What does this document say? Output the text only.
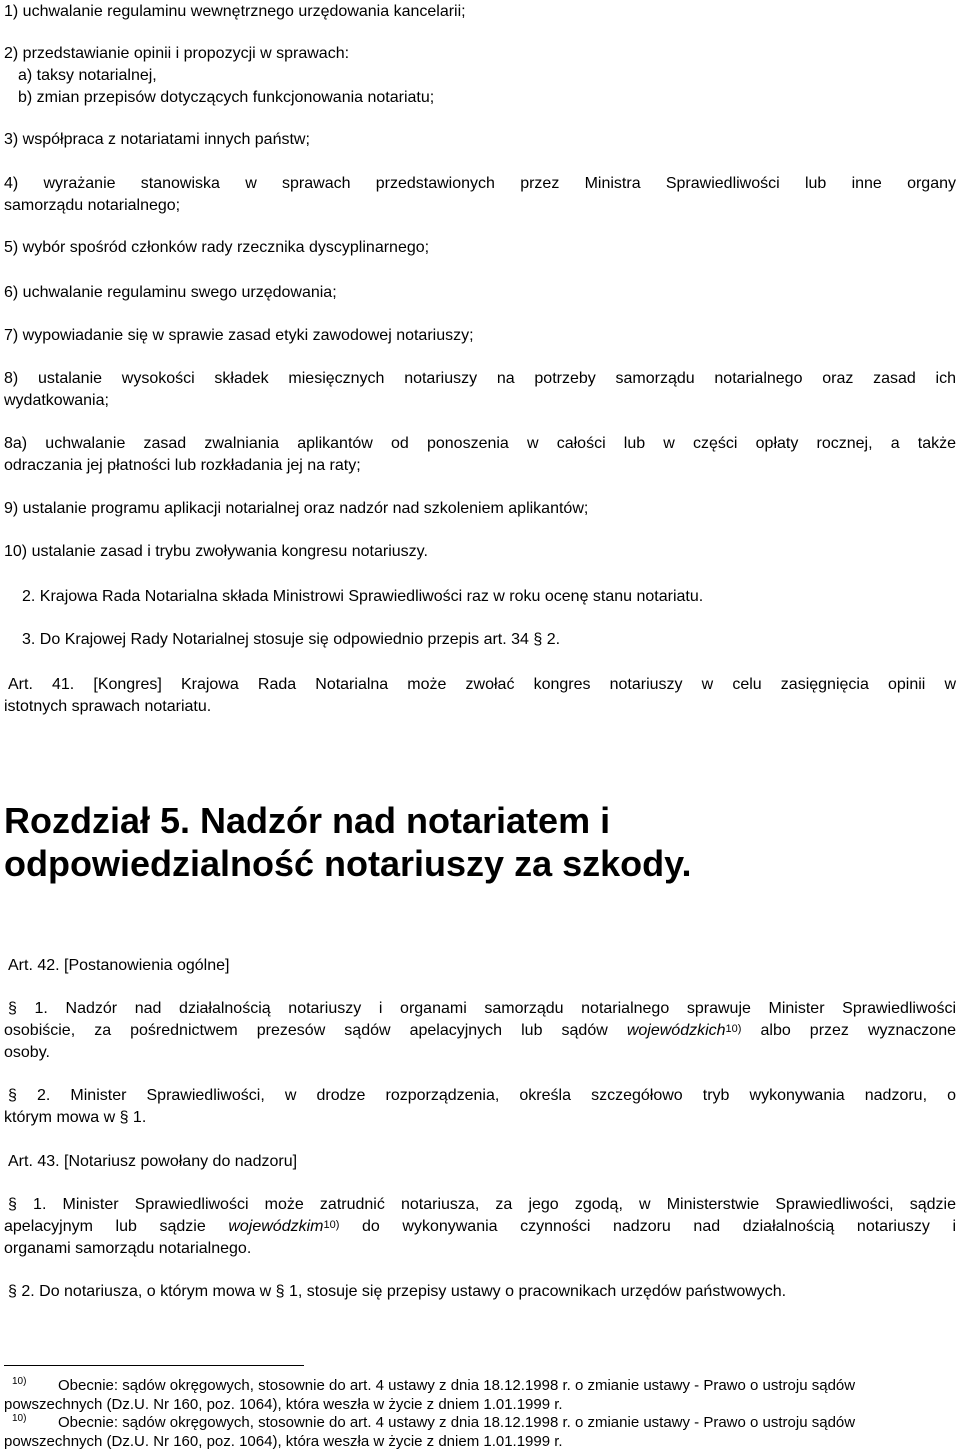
1) uchwalanie regulaminu wewnętrznego urzędowania kancelarii;

2) przedstawianie opinii i propozycji w sprawach:

a) taksy notarialnej,

b) zmian przepisów dotyczących funkcjonowania notariatu;

3) współpraca z notariatami innych państw;

4) wyrażanie stanowiska w sprawach przedstawionych przez Ministra Sprawiedliwości lub inne organy

samorządu notarialnego;

5) wybór spośród członków rady rzecznika dyscyplinarnego;

6) uchwalanie regulaminu swego urzędowania;

7) wypowiadanie się w sprawie zasad etyki zawodowej notariuszy;

8) ustalanie wysokości składek miesięcznych notariuszy na potrzeby samorządu notarialnego oraz zasad ich

wydatkowania;

8a) uchwalanie zasad zwalniania aplikantów od ponoszenia w całości lub w części opłaty rocznej, a także

odraczania jej płatności lub rozkładania jej na raty;

9) ustalanie programu aplikacji notarialnej oraz nadzór nad szkoleniem aplikantów;

10) ustalanie zasad i trybu zwoływania kongresu notariuszy.

2. Krajowa Rada Notarialna składa Ministrowi Sprawiedliwości raz w roku ocenę stanu notariatu.

3. Do Krajowej Rady Notarialnej stosuje się odpowiednio przepis art. 34 § 2.

Art. 41. [Kongres] Krajowa Rada Notarialna może zwołać kongres notariuszy w celu zasięgnięcia opinii w

istotnych sprawach notariatu.

Rozdział 5. Nadzór nad notariatem i
odpowiedzialność notariuszy za szkody.

Art. 42. [Postanowienia ogólne]

§ 1. Nadzór nad działalnością notariuszy i organami samorządu notarialnego sprawuje Minister Sprawiedliwości

osobiście, za pośrednictwem prezesów sądów apelacyjnych lub sądów wojewódzkich$^{10)}$ albo przez wyznaczone

osoby.

§ 2. Minister Sprawiedliwości, w drodze rozporządzenia, określa szczegółowo tryb wykonywania nadzoru, o

którym mowa w § 1.

Art. 43. [Notariusz powołany do nadzoru]

§ 1. Minister Sprawiedliwości może zatrudnić notariusza, za jego zgodą, w Ministerstwie Sprawiedliwości, sądzie

apelacyjnym lub sądzie wojewódzkim$^{10)}$ do wykonywania czynności nadzoru nad działalnością notariuszy i

organami samorządu notarialnego.

§ 2. Do notariusza, o którym mowa w § 1, stosuje się przepisy ustawy o pracownikach urzędów państwowych.

10)	Obecnie: sądów okręgowych, stosownie do art. 4 ustawy z dnia 18.12.1998 r. o zmianie ustawy - Prawo o ustroju sądów
powszechnych (Dz.U. Nr 160, poz. 1064), która weszła w życie z dniem 1.01.1999 r.
10)	Obecnie: sądów okręgowych, stosownie do art. 4 ustawy z dnia 18.12.1998 r. o zmianie ustawy - Prawo o ustroju sądów
powszechnych (Dz.U. Nr 160, poz. 1064), która weszła w życie z dniem 1.01.1999 r.
